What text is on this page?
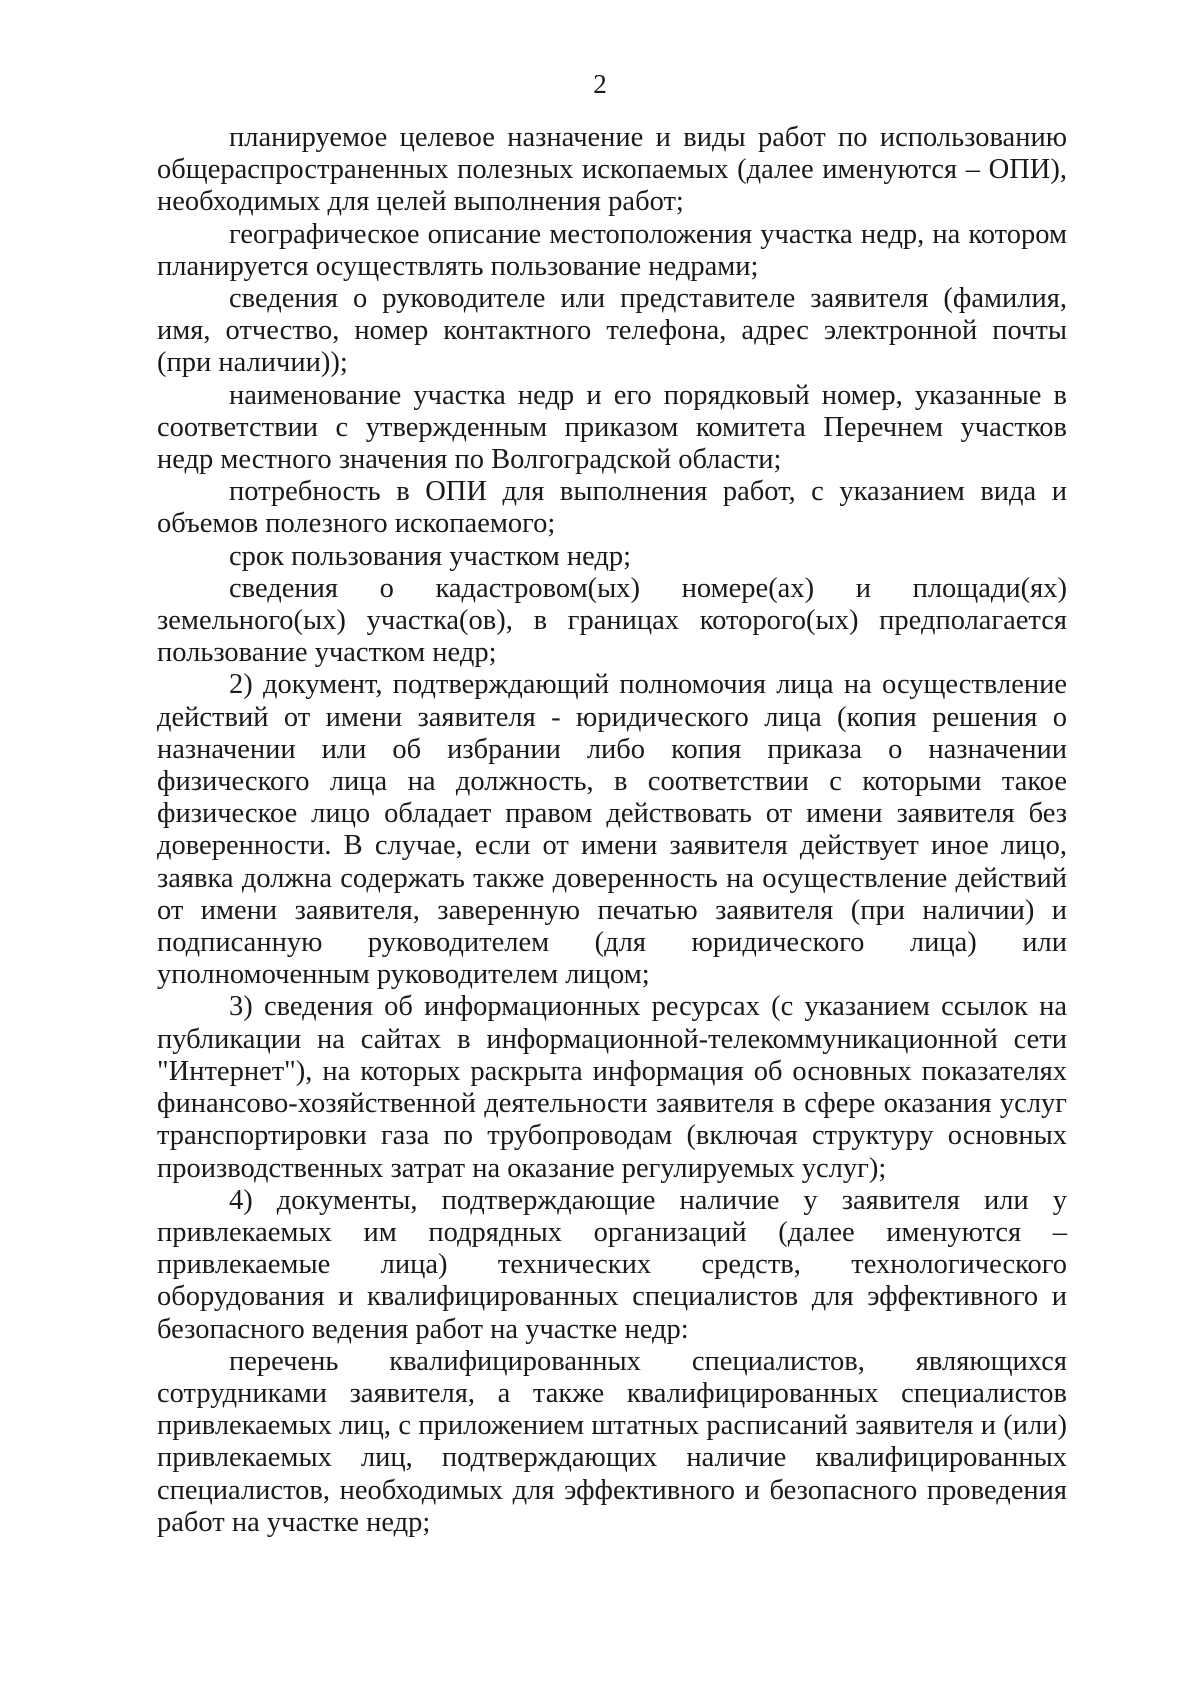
2

планируемое целевое назначение и виды работ по использованию общераспространенных полезных ископаемых (далее именуются – ОПИ), необходимых для целей выполнения работ;

географическое описание местоположения участка недр, на котором планируется осуществлять пользование недрами;

сведения о руководителе или представителе заявителя (фамилия, имя, отчество, номер контактного телефона, адрес электронной почты (при наличии));

наименование участка недр и его порядковый номер, указанные в соответствии с утвержденным приказом комитета Перечнем участков недр местного значения по Волгоградской области;

потребность в ОПИ для выполнения работ, с указанием вида и объемов полезного ископаемого;

срок пользования участком недр;

сведения о кадастровом(ых) номере(ах) и площади(ях) земельного(ых) участка(ов), в границах которого(ых) предполагается пользование участком недр;

2) документ, подтверждающий полномочия лица на осуществление действий от имени заявителя - юридического лица (копия решения о назначении или об избрании либо копия приказа о назначении физического лица на должность, в соответствии с которыми такое физическое лицо обладает правом действовать от имени заявителя без доверенности. В случае, если от имени заявителя действует иное лицо, заявка должна содержать также доверенность на осуществление действий от имени заявителя, заверенную печатью заявителя (при наличии) и подписанную руководителем (для юридического лица) или уполномоченным руководителем лицом;

3) сведения об информационных ресурсах (с указанием ссылок на публикации на сайтах в информационной-телекоммуникационной сети "Интернет"), на которых раскрыта информация об основных показателях финансово-хозяйственной деятельности заявителя в сфере оказания услуг транспортировки газа по трубопроводам (включая структуру основных производственных затрат на оказание регулируемых услуг);

4) документы, подтверждающие наличие у заявителя или у привлекаемых им подрядных организаций (далее именуются – привлекаемые лица) технических средств, технологического оборудования и квалифицированных специалистов для эффективного и безопасного ведения работ на участке недр:

перечень квалифицированных специалистов, являющихся сотрудниками заявителя, а также квалифицированных специалистов привлекаемых лиц, с приложением штатных расписаний заявителя и (или) привлекаемых лиц, подтверждающих наличие квалифицированных специалистов, необходимых для эффективного и безопасного проведения работ на участке недр;
